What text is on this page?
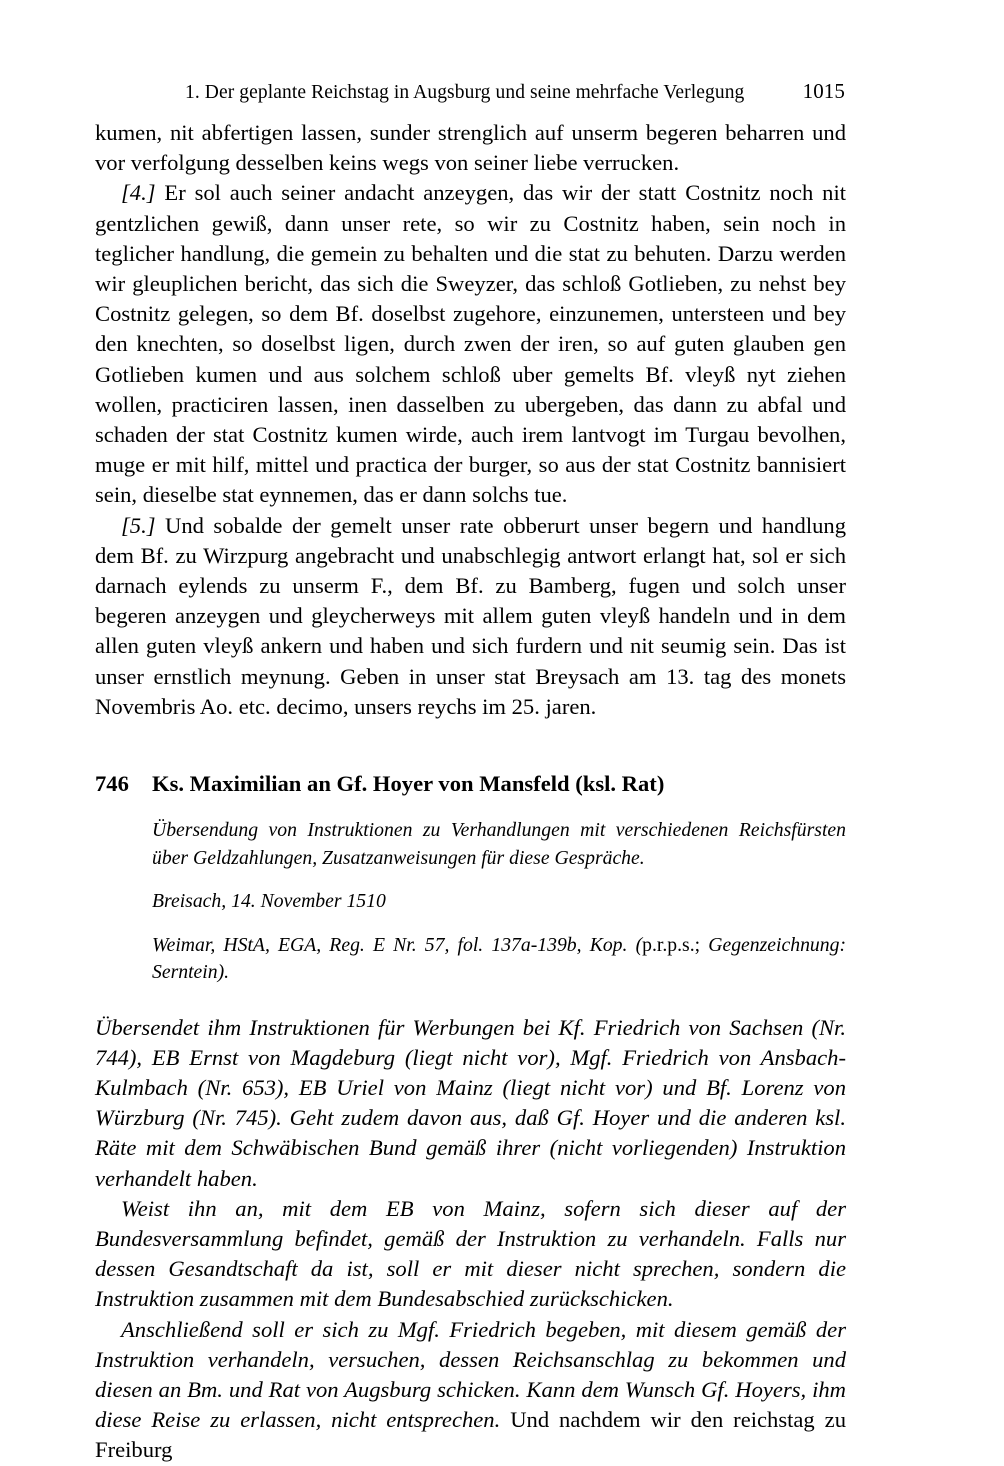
1. Der geplante Reichstag in Augsburg und seine mehrfache Verlegung	1015

kumen, nit abfertigen lassen, sunder strenglich auf unserm begeren beharren und vor verfolgung desselben keins wegs von seiner liebe verrucken.

[4.] Er sol auch seiner andacht anzeygen, das wir der statt Costnitz noch nit gentzlichen gewiß, dann unser rete, so wir zu Costnitz haben, sein noch in teglicher handlung, die gemein zu behalten und die stat zu behuten. Darzu werden wir gleuplichen bericht, das sich die Sweyzer, das schloß Gotlieben, zu nehst bey Costnitz gelegen, so dem Bf. doselbst zugehore, einzunemen, untersteen und bey den knechten, so doselbst ligen, durch zwen der iren, so auf guten glauben gen Gotlieben kumen und aus solchem schloß uber gemelts Bf. vleyß nyt ziehen wollen, practiciren lassen, inen dasselben zu ubergeben, das dann zu abfal und schaden der stat Costnitz kumen wirde, auch irem lantvogt im Turgau bevolhen, muge er mit hilf, mittel und practica der burger, so aus der stat Costnitz bannisiert sein, dieselbe stat eynnemen, das er dann solchs tue.

[5.] Und sobalde der gemelt unser rate obberurt unser begern und handlung dem Bf. zu Wirzpurg angebracht und unabschlegig antwort erlangt hat, sol er sich darnach eylends zu unserm F., dem Bf. zu Bamberg, fugen und solch unser begeren anzeygen und gleycherweys mit allem guten vleyß handeln und in dem allen guten vleyß ankern und haben und sich furdern und nit seumig sein. Das ist unser ernstlich meynung. Geben in unser stat Breysach am 13. tag des monets Novembris Ao. etc. decimo, unsers reychs im 25. jaren.

746	Ks. Maximilian an Gf. Hoyer von Mansfeld (ksl. Rat)
Übersendung von Instruktionen zu Verhandlungen mit verschiedenen Reichsfürsten über Geldzahlungen, Zusatzanweisungen für diese Gespräche.
Breisach, 14. November 1510
Weimar, HStA, EGA, Reg. E Nr. 57, fol. 137a-139b, Kop. (p.r.p.s.; Gegenzeichnung: Serntein).

Übersendet ihm Instruktionen für Werbungen bei Kf. Friedrich von Sachsen (Nr. 744), EB Ernst von Magdeburg (liegt nicht vor), Mgf. Friedrich von Ansbach-Kulmbach (Nr. 653), EB Uriel von Mainz (liegt nicht vor) und Bf. Lorenz von Würzburg (Nr. 745). Geht zudem davon aus, daß Gf. Hoyer und die anderen ksl. Räte mit dem Schwäbischen Bund gemäß ihrer (nicht vorliegenden) Instruktion verhandelt haben.

Weist ihn an, mit dem EB von Mainz, sofern sich dieser auf der Bundesversammlung befindet, gemäß der Instruktion zu verhandeln. Falls nur dessen Gesandtschaft da ist, soll er mit dieser nicht sprechen, sondern die Instruktion zusammen mit dem Bundesabschied zurückschicken.

Anschließend soll er sich zu Mgf. Friedrich begeben, mit diesem gemäß der Instruktion verhandeln, versuchen, dessen Reichsanschlag zu bekommen und diesen an Bm. und Rat von Augsburg schicken. Kann dem Wunsch Gf. Hoyers, ihm diese Reise zu erlassen, nicht entsprechen. Und nachdem wir den reichstag zu Freiburg
